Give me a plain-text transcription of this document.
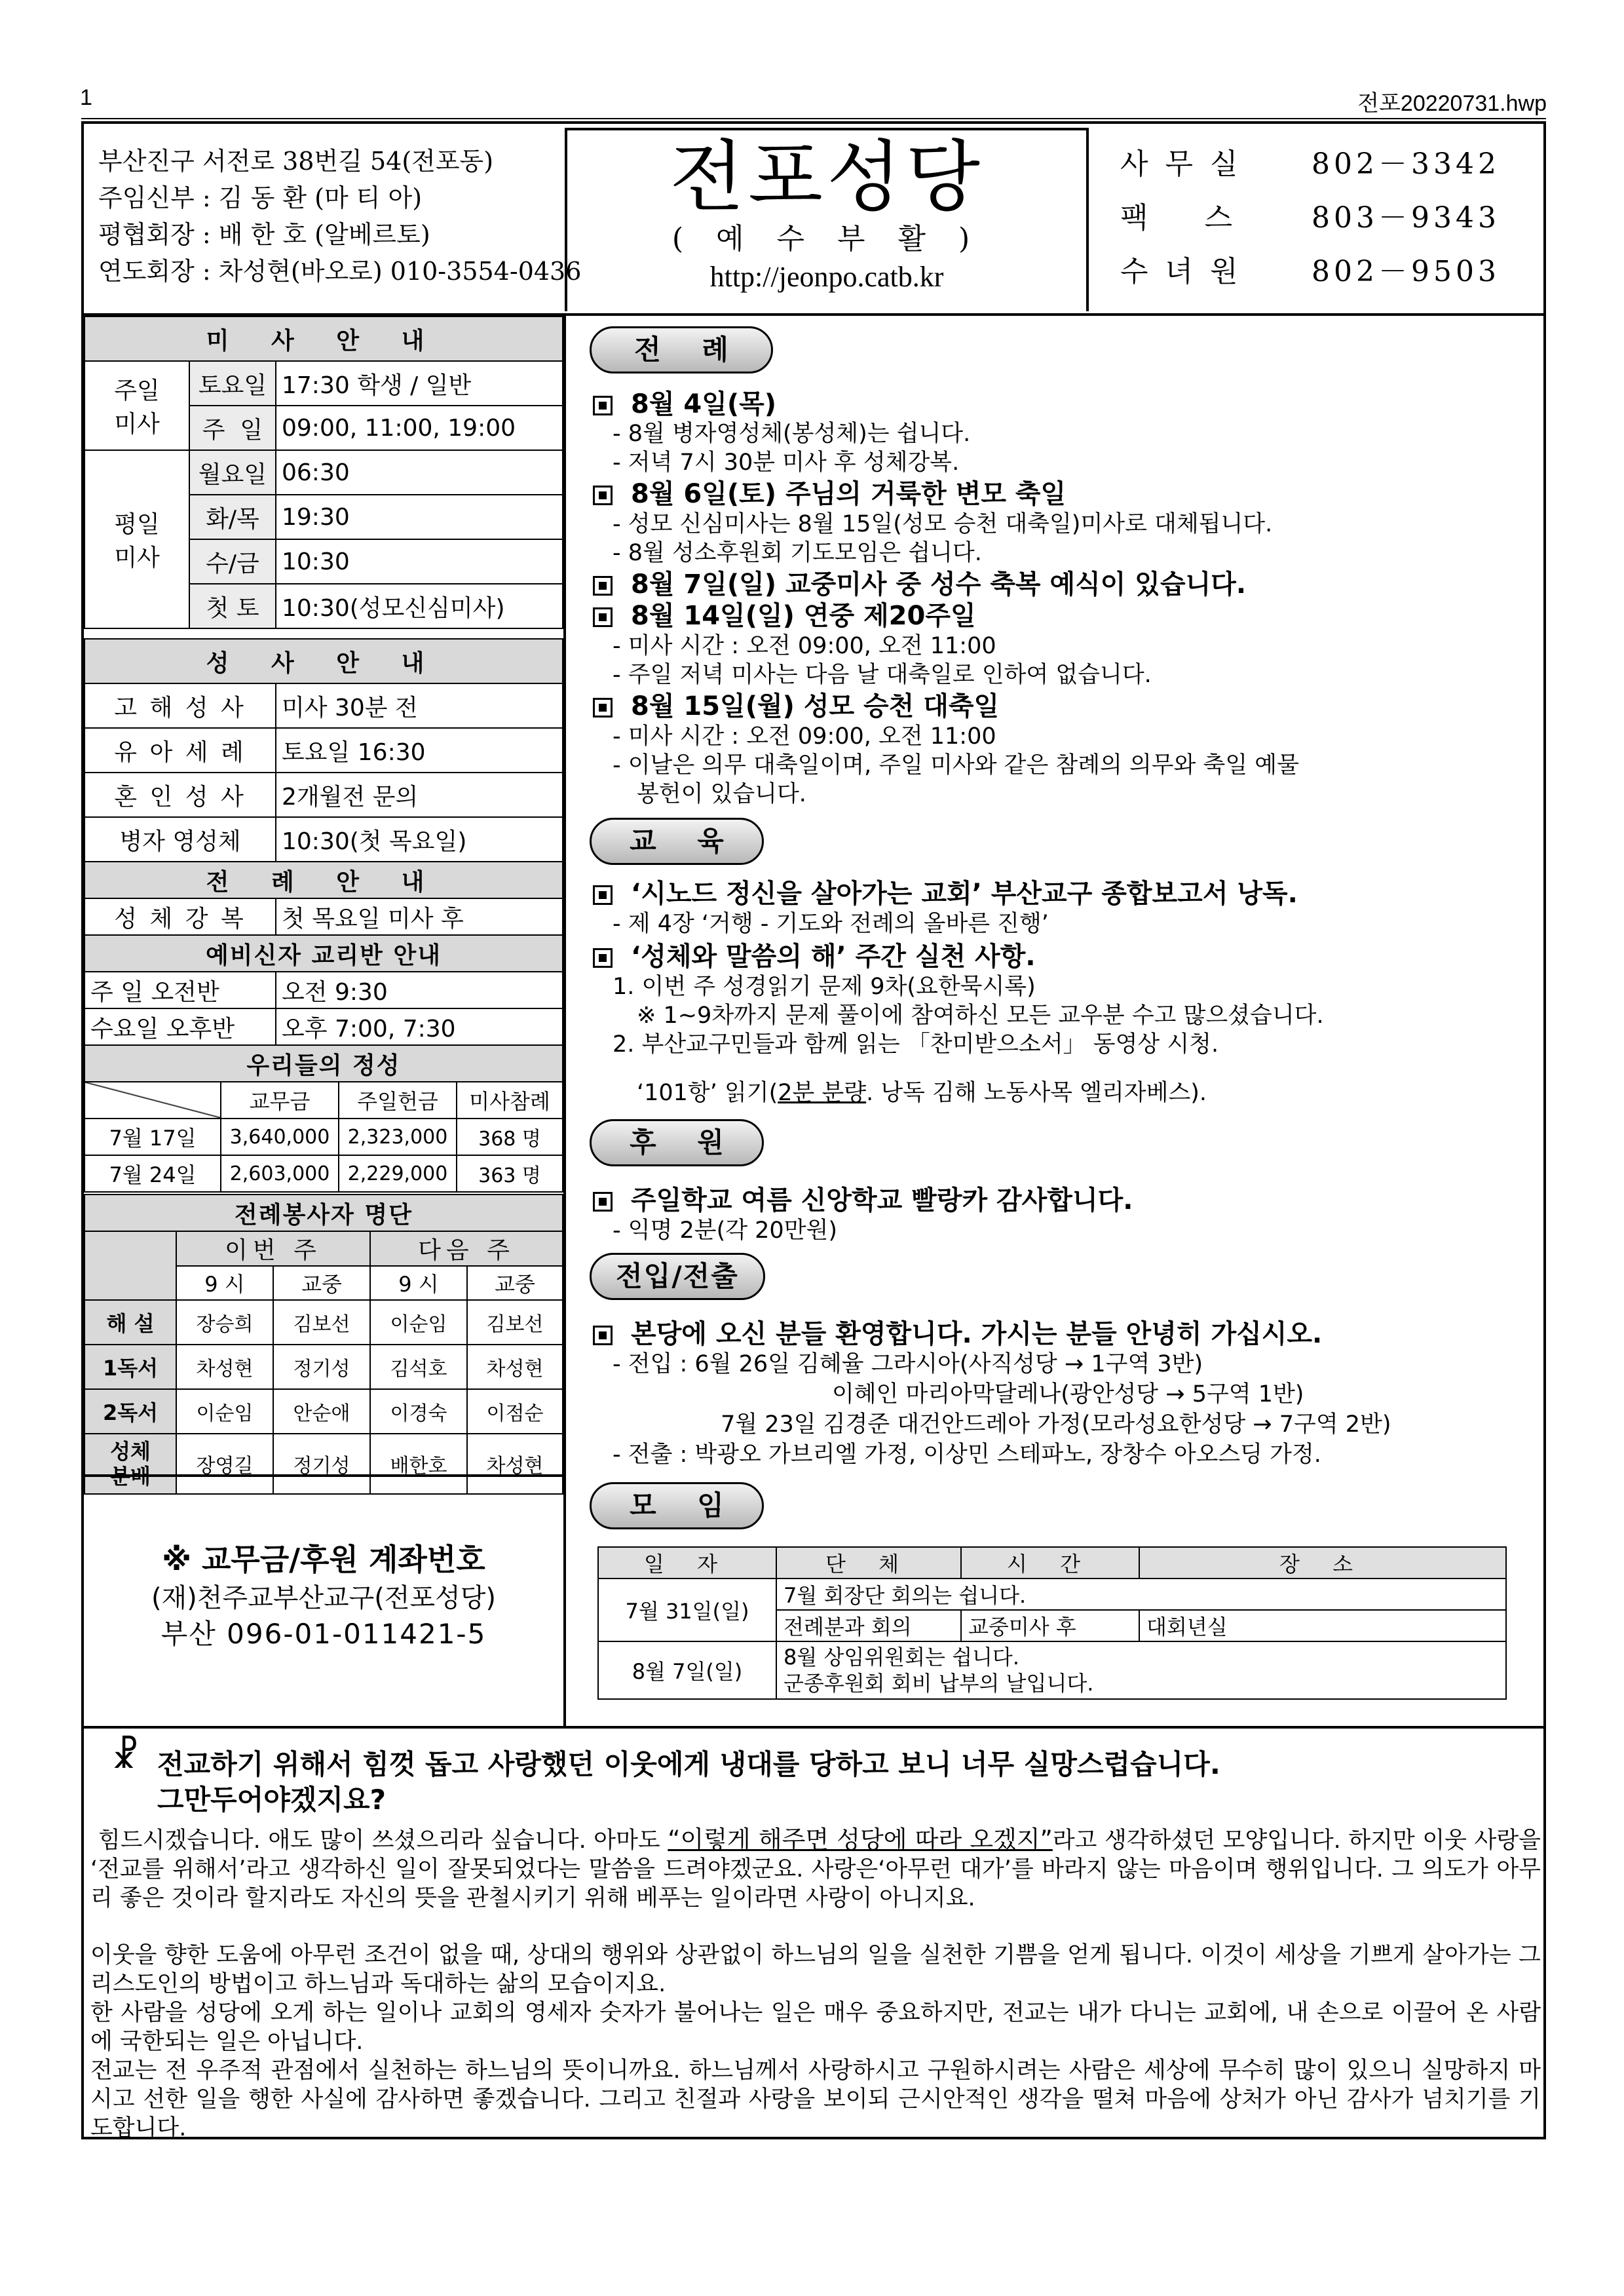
1	전포20220731.hwp
부산진구 서전로 38번길 54(전포동)
주임신부 : 김 동 환 (마 티 아)
평협회장 : 배 한 호 (알베르토)
연도회장 : 차성현(바오로) 010-3554-0436
전포성당
( 예 수 부 활 )
http://jeonpo.catb.kr
사 무 실 802－3342
팩    스	803－9343
수 녀 원 802－9503
미 사 안 내		

주일
미사	토요일	17:30 학생 / 일반
	주  일	09:00, 11:00, 19:00

평일
미사	월요일	06:30
	화/목	19:30
	수/금	10:30
	첫 토	10:30(성모신심미사)
성 사 안 내	
고 해 성 사	미사 30분 전
유 아 세 례	토요일 16:30
혼 인 성 사	2개월전 문의
병자 영성체	10:30(첫 목요일)
전 례 안 내
성 체 강 복	첫 목요일 미사 후
예비신자 교리반 안내	
주 일 오전반	오전 9:30
수요일 오후반	오후 7:00, 7:30
우리들의 정성			
	교무금	주일헌금	미사참례
7월 17일	3,640,000	2,323,000	368 명
7월 24일	2,603,000	2,229,000	363 명
전례봉사자 명단				
	이번 주		다음 주	
	9 시	교중	9 시	교중
해 설	장승희	김보선	이순임	김보선
1독서	차성현	정기성	김석호	차성현
2독서	이순임	안순애	이경숙	이점순

성체
분배	장영길	정기성	배한호	차성현
※ 교무금/후원 계좌번호
(재)천주교부산교구(전포성당)
부산 096-01-011421-5
전 례
8월 4일(목)
- 8월 병자영성체(봉성체)는 쉽니다.
- 저녁 7시 30분 미사 후 성체강복.
8월 6일(토) 주님의 거룩한 변모 축일
- 성모 신심미사는 8월 15일(성모 승천 대축일)미사로 대체됩니다.
- 8월 성소후원회 기도모임은 쉽니다.
8월 7일(일) 교중미사 중 성수 축복 예식이 있습니다.
8월 14일(일) 연중 제20주일
- 미사 시간 : 오전 09:00, 오전 11:00
- 주일 저녁 미사는 다음 날 대축일로 인하여 없습니다.
8월 15일(월) 성모 승천 대축일
- 미사 시간 : 오전 09:00, 오전 11:00
- 이날은 의무 대축일이며, 주일 미사와 같은 참례의 의무와 축일 예물
봉헌이 있습니다.
교 육
‘시노드 정신을 살아가는 교회’ 부산교구 종합보고서 낭독.
- 제 4장 ‘거행 - 기도와 전례의 올바른 진행’
‘성체와 말씀의 해’ 주간 실천 사항.
1. 이번 주 성경읽기 문제 9차(요한묵시록)
※ 1~9차까지 문제 풀이에 참여하신 모든 교우분 수고 많으셨습니다.
2. 부산교구민들과 함께 읽는 「찬미받으소서」 동영상 시청.
‘101항’ 읽기(2분 분량. 낭독 김해 노동사목 엘리자베스).
후 원
주일학교 여름 신앙학교 빨랑카 감사합니다.
- 익명 2분(각 20만원)
전입/전출
본당에 오신 분들 환영합니다. 가시는 분들 안녕히 가십시오.
- 전입 : 6월 26일 김혜율 그라시아(사직성당 → 1구역 3반)
이혜인 마리아막달레나(광안성당 → 5구역 1반)
7월 23일 김경준 대건안드레아 가정(모라성요한성당 → 7구역 2반)
- 전출 : 박광오 가브리엘 가정, 이상민 스테파노, 장창수 아오스딩 가정.
모 임
일 자	단 체	시 간	장 소
7월 31일(일)	7월 회장단 회의는 쉽니다.		
	전례분과 회의	교중미사 후	대회년실
8월 7일(일)	8월 상임위원회는 쉽니다.
군종후원회 회비 납부의 날입니다.		
☧ 전교하기 위해서 힘껏 돕고 사랑했던 이웃에게 냉대를 당하고 보니 너무 실망스럽습니다.
그만두어야겠지요?
힘드시겠습니다. 애도 많이 쓰셨으리라 싶습니다. 아마도 “이렇게 해주면 성당에 따라 오겠지”라고 생각하셨던 모양입니다. 하지만 이웃 사랑을 ‘전교를 위해서’라고 생각하신 일이 잘못되었다는 말씀을 드려야겠군요. 사랑은‘아무런 대가’를 바라지 않는 마음이며 행위입니다. 그 의도가 아무리 좋은 것이라 할지라도 자신의 뜻을 관철시키기 위해 베푸는 일이라면 사랑이 아니지요.
이웃을 향한 도움에 아무런 조건이 없을 때, 상대의 행위와 상관없이 하느님의 일을 실천한 기쁨을 얻게 됩니다. 이것이 세상을 기쁘게 살아가는 그리스도인의 방법이고 하느님과 독대하는 삶의 모습이지요.
한 사람을 성당에 오게 하는 일이나 교회의 영세자 숫자가 불어나는 일은 매우 중요하지만, 전교는 내가 다니는 교회에, 내 손으로 이끌어 온 사람에 국한되는 일은 아닙니다.
전교는 전 우주적 관점에서 실천하는 하느님의 뜻이니까요. 하느님께서 사랑하시고 구원하시려는 사람은 세상에 무수히 많이 있으니 실망하지 마시고 선한 일을 행한 사실에 감사하면 좋겠습니다. 그리고 친절과 사랑을 보이되 근시안적인 생각을 떨쳐 마음에 상처가 아닌 감사가 넘치기를 기도합니다.
